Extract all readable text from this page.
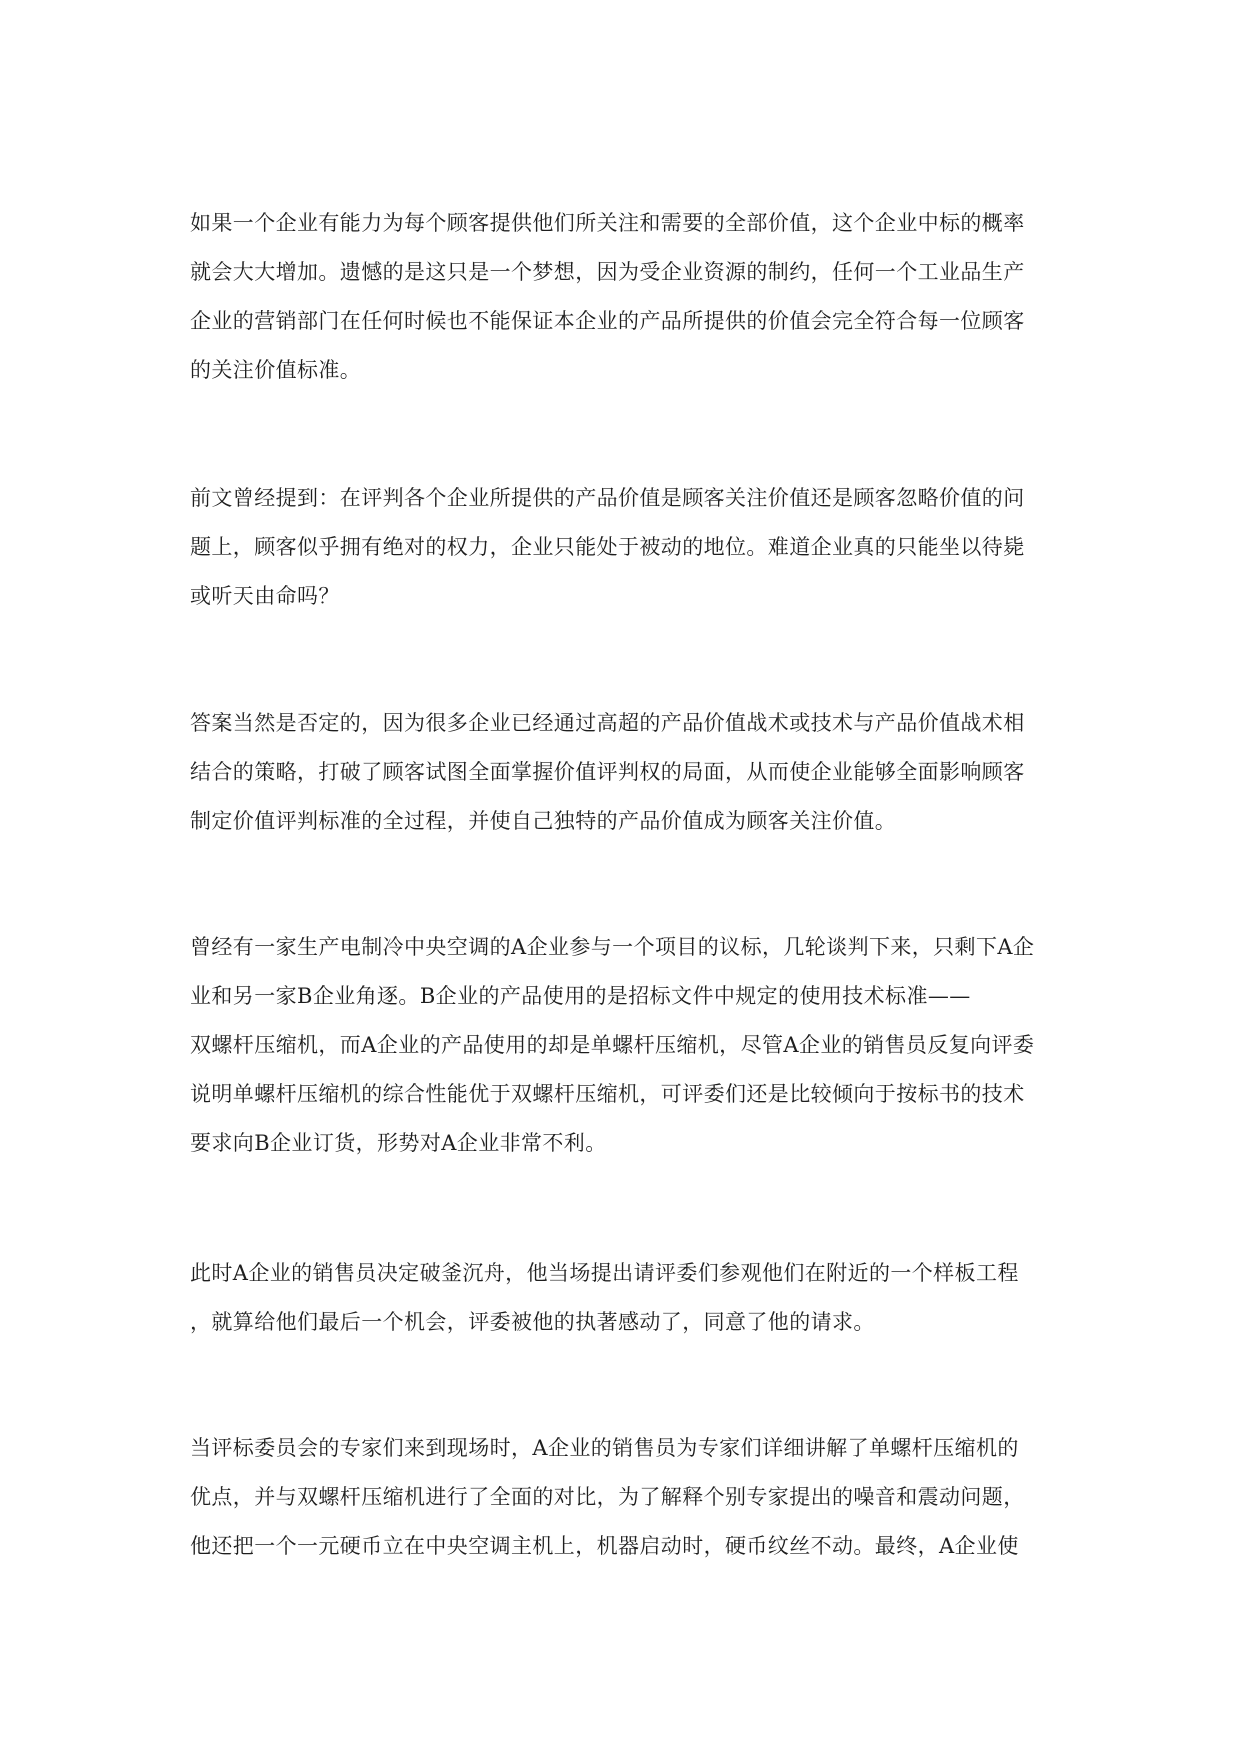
如果一个企业有能力为每个顾客提供他们所关注和需要的全部价值，这个企业中标的概率
就会大大增加。遗憾的是这只是一个梦想，因为受企业资源的制约，任何一个工业品生产
企业的营销部门在任何时候也不能保证本企业的产品所提供的价值会完全符合每一位顾客
的关注价值标准。
前文曾经提到：在评判各个企业所提供的产品价值是顾客关注价值还是顾客忽略价值的问
题上，顾客似乎拥有绝对的权力，企业只能处于被动的地位。难道企业真的只能坐以待毙
或听天由命吗？
答案当然是否定的，因为很多企业已经通过高超的产品价值战术或技术与产品价值战术相
结合的策略，打破了顾客试图全面掌握价值评判权的局面，从而使企业能够全面影响顾客
制定价值评判标准的全过程，并使自己独特的产品价值成为顾客关注价值。
曾经有一家生产电制冷中央空调的A企业参与一个项目的议标，几轮谈判下来，只剩下A企
业和另一家B企业角逐。B企业的产品使用的是招标文件中规定的使用技术标准——
双螺杆压缩机，而A企业的产品使用的却是单螺杆压缩机，尽管A企业的销售员反复向评委
说明单螺杆压缩机的综合性能优于双螺杆压缩机，可评委们还是比较倾向于按标书的技术
要求向B企业订货，形势对A企业非常不利。
此时A企业的销售员决定破釜沉舟，他当场提出请评委们参观他们在附近的一个样板工程
，就算给他们最后一个机会，评委被他的执著感动了，同意了他的请求。
当评标委员会的专家们来到现场时，A企业的销售员为专家们详细讲解了单螺杆压缩机的
优点，并与双螺杆压缩机进行了全面的对比，为了解释个别专家提出的噪音和震动问题，
他还把一个一元硬币立在中央空调主机上，机器启动时，硬币纹丝不动。最终，A企业使
